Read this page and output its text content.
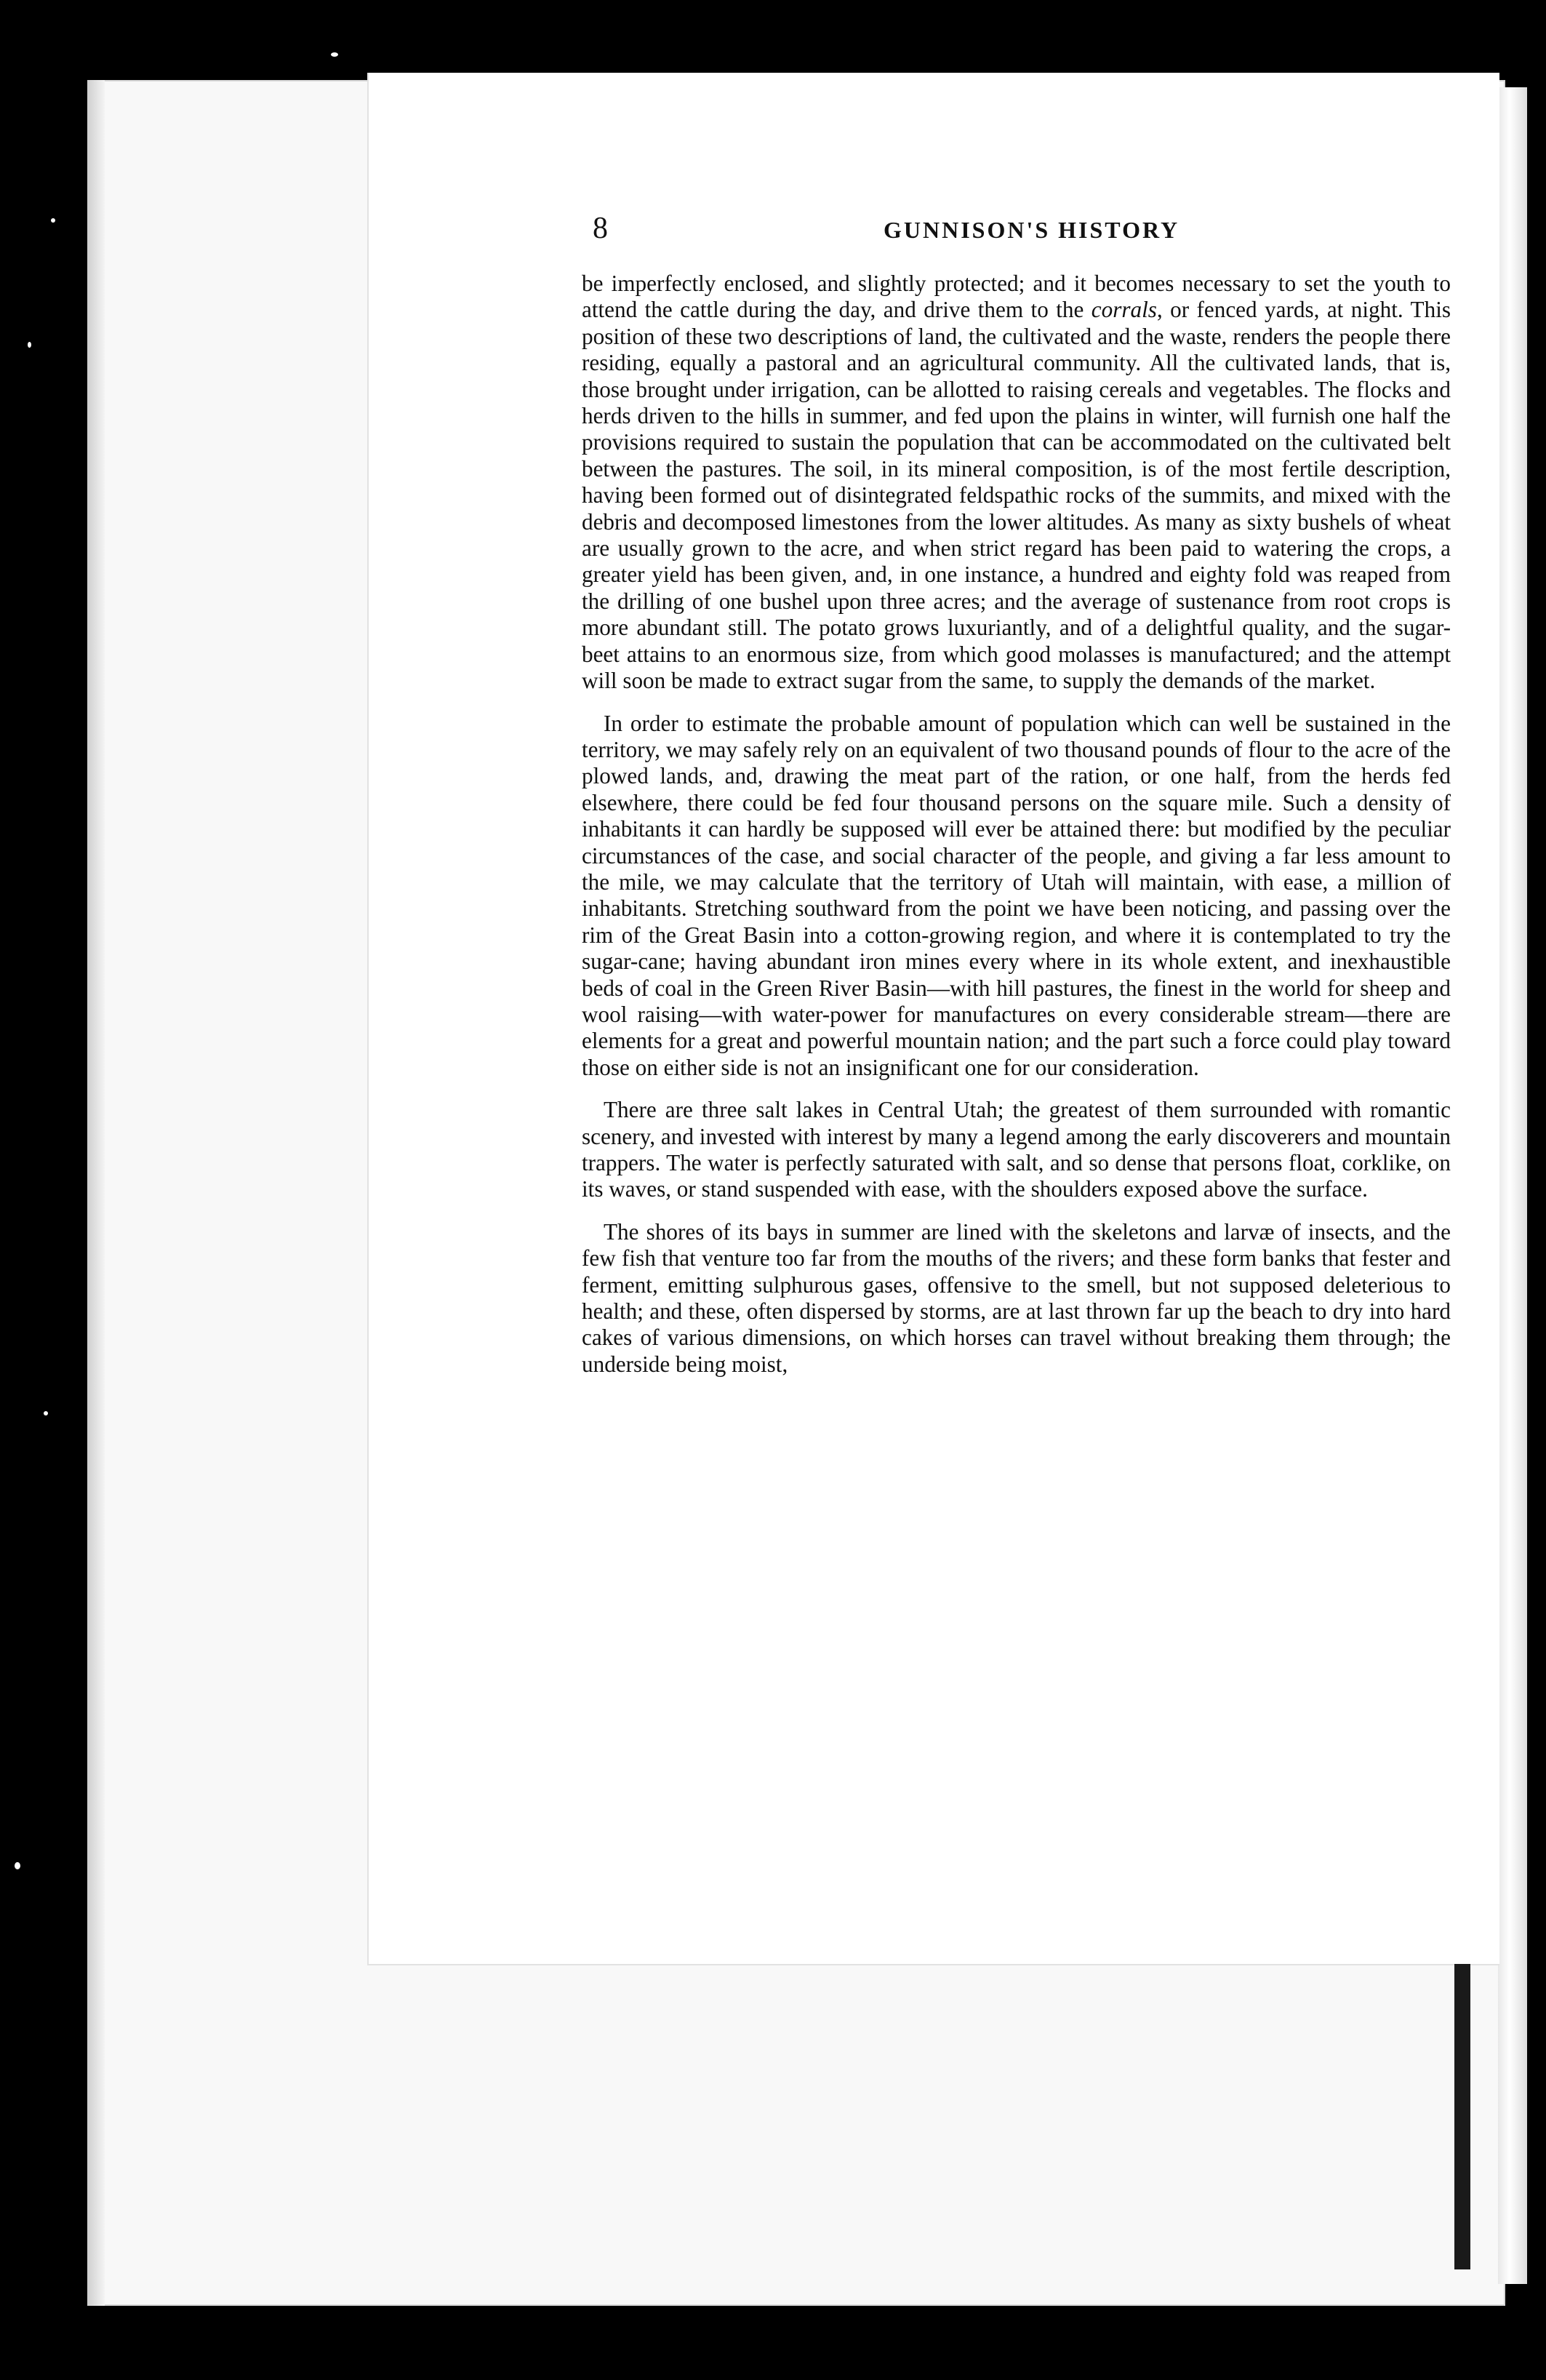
8	GUNNISON'S HISTORY

be imperfectly enclosed, and slightly protected; and it becomes necessary to set the youth to attend the cattle during the day, and drive them to the corrals, or fenced yards, at night. This position of these two descriptions of land, the cultivated and the waste, renders the people there residing, equally a pastoral and an agricultural community. All the cultivated lands, that is, those brought under irrigation, can be allotted to raising cereals and vegetables. The flocks and herds driven to the hills in summer, and fed upon the plains in winter, will furnish one half the provisions required to sustain the population that can be accommodated on the cultivated belt between the pastures. The soil, in its mineral composition, is of the most fertile description, having been formed out of disintegrated feldspathic rocks of the summits, and mixed with the debris and decomposed limestones from the lower altitudes. As many as sixty bushels of wheat are usually grown to the acre, and when strict regard has been paid to watering the crops, a greater yield has been given, and, in one instance, a hundred and eighty fold was reaped from the drilling of one bushel upon three acres; and the average of sustenance from root crops is more abundant still. The potato grows luxuriantly, and of a delightful quality, and the sugar-beet attains to an enormous size, from which good molasses is manufactured; and the attempt will soon be made to extract sugar from the same, to supply the demands of the market.

In order to estimate the probable amount of population which can well be sustained in the territory, we may safely rely on an equivalent of two thousand pounds of flour to the acre of the plowed lands, and, drawing the meat part of the ration, or one half, from the herds fed elsewhere, there could be fed four thousand persons on the square mile. Such a density of inhabitants it can hardly be supposed will ever be attained there: but modified by the peculiar circumstances of the case, and social character of the people, and giving a far less amount to the mile, we may calculate that the territory of Utah will maintain, with ease, a million of inhabitants. Stretching southward from the point we have been noticing, and passing over the rim of the Great Basin into a cotton-growing region, and where it is contemplated to try the sugar-cane; having abundant iron mines every where in its whole extent, and inexhaustible beds of coal in the Green River Basin—with hill pastures, the finest in the world for sheep and wool raising—with water-power for manufactures on every considerable stream—there are elements for a great and powerful mountain nation; and the part such a force could play toward those on either side is not an insignificant one for our consideration.

There are three salt lakes in Central Utah; the greatest of them surrounded with romantic scenery, and invested with interest by many a legend among the early discoverers and mountain trappers. The water is perfectly saturated with salt, and so dense that persons float, corklike, on its waves, or stand suspended with ease, with the shoulders exposed above the surface.

The shores of its bays in summer are lined with the skeletons and larvæ of insects, and the few fish that venture too far from the mouths of the rivers; and these form banks that fester and ferment, emitting sulphurous gases, offensive to the smell, but not supposed deleterious to health; and these, often dispersed by storms, are at last thrown far up the beach to dry into hard cakes of various dimensions, on which horses can travel without breaking them through; the underside being moist,
